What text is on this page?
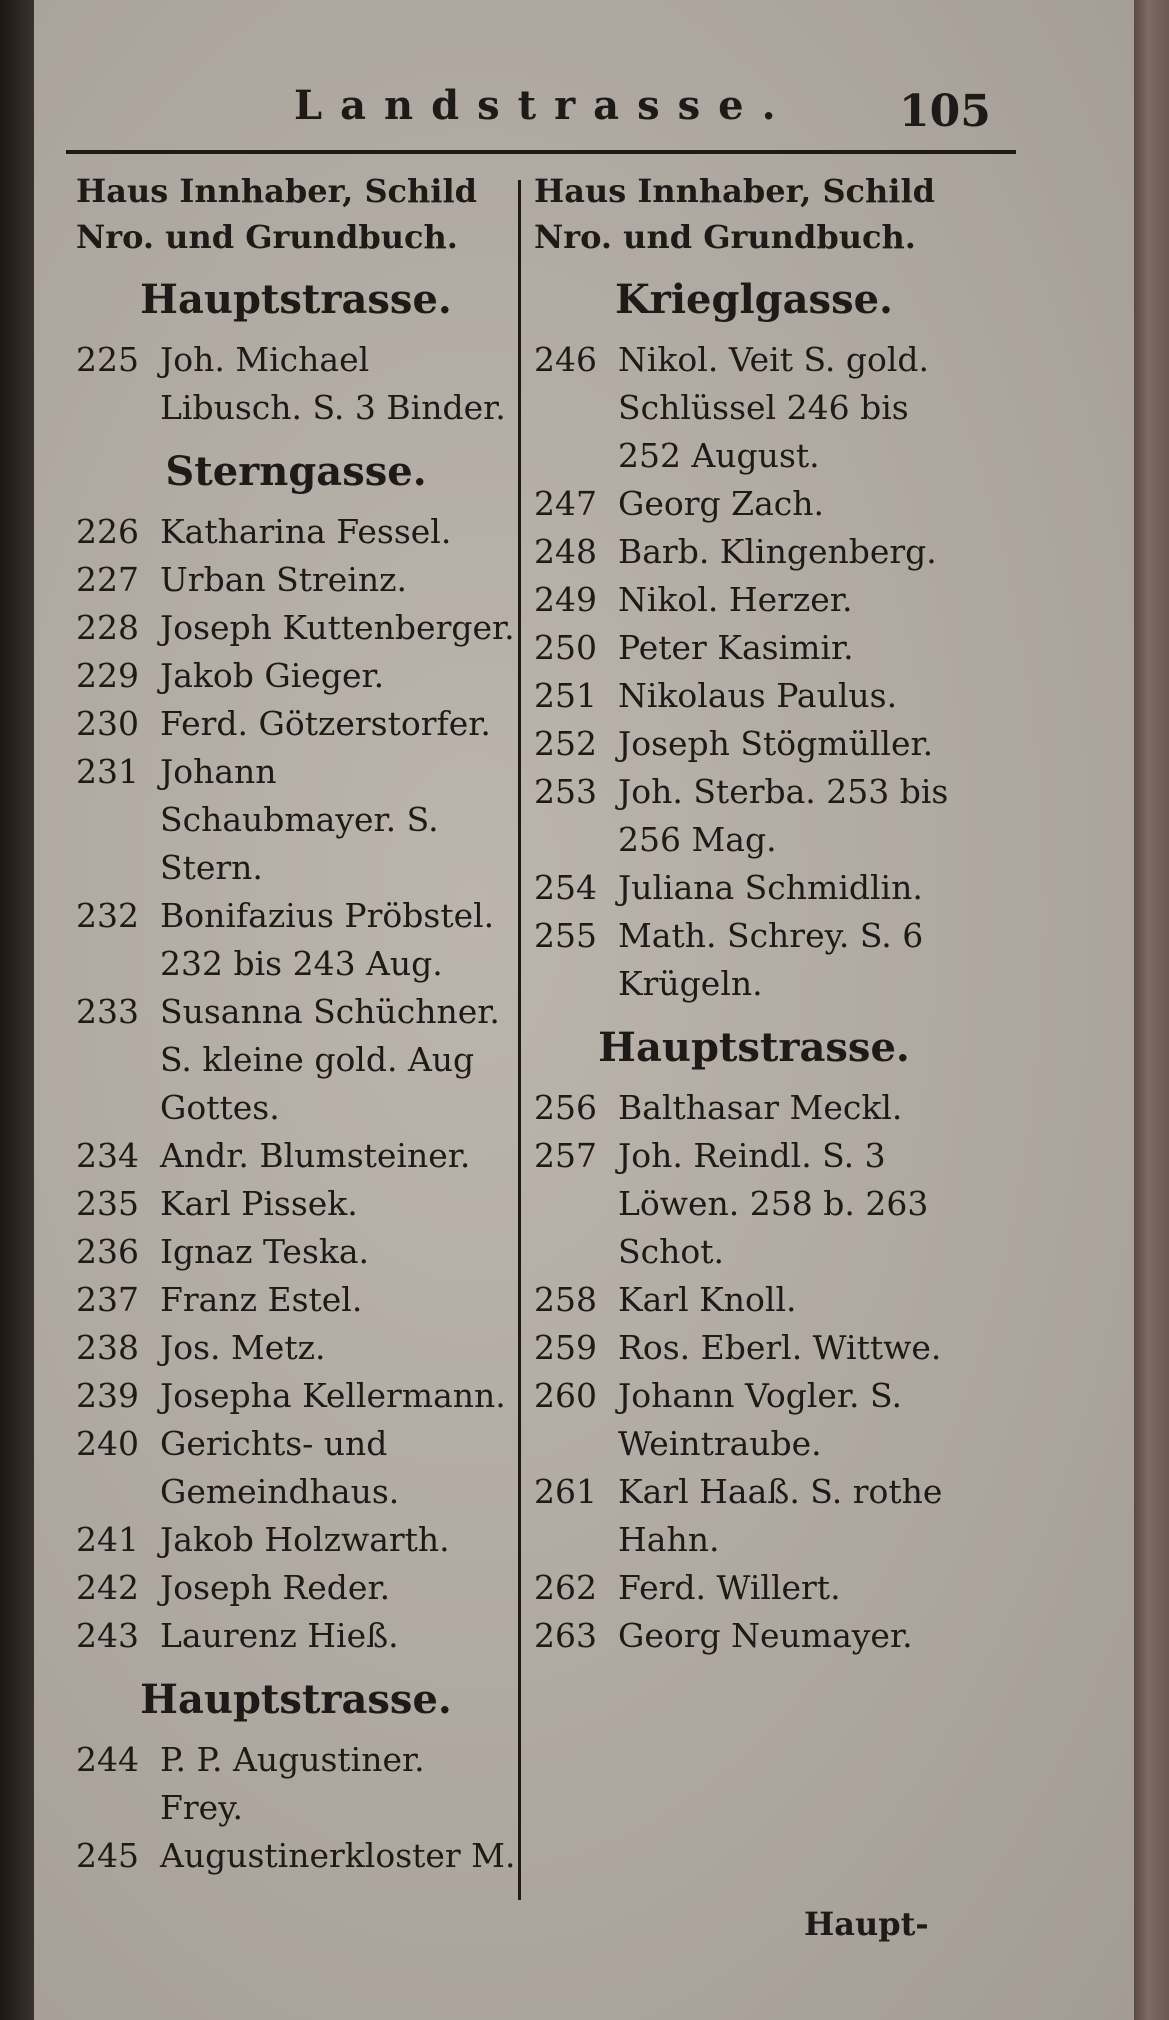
Landstrasse. 105
Haus Innhaber, Schild
Nro. und Grundbuch.
Hauptstrasse.
225 Joh. Michael Libusch. S. 3 Binder.
Sterngasse.
226 Katharina Fessel.
227 Urban Streinz.
228 Joseph Kuttenberger.
229 Jakob Gieger.
230 Ferd. Götzerstorfer.
231 Johann Schaubmayer. S. Stern.
232 Bonifazius Pröbstel. 232 bis 243 Aug.
233 Susanna Schüchner. S. kleine gold. Aug Gottes.
234 Andr. Blumsteiner.
235 Karl Pissek.
236 Ignaz Teska.
237 Franz Estel.
238 Jos. Metz.
239 Josepha Kellermann.
240 Gerichts- und Gemeindhaus.
241 Jakob Holzwarth.
242 Joseph Reder.
243 Laurenz Hieß.
Hauptstrasse.
244 P. P. Augustiner. Frey.
245 Augustinerkloster M.
Haus Innhaber, Schild
Nro. und Grundbuch.
Krieglgasse.
246 Nikol. Veit S. gold. Schlüssel 246 bis 252 August.
247 Georg Zach.
248 Barb. Klingenberg.
249 Nikol. Herzer.
250 Peter Kasimir.
251 Nikolaus Paulus.
252 Joseph Stögmüller.
253 Joh. Sterba. 253 bis 256 Mag.
254 Juliana Schmidlin.
255 Math. Schrey. S. 6 Krügeln.
Hauptstrasse.
256 Balthasar Meckl.
257 Joh. Reindl. S. 3 Löwen. 258 b. 263 Schot.
258 Karl Knoll.
259 Ros. Eberl. Wittwe.
260 Johann Vogler. S. Weintraube.
261 Karl Haaß. S. rothe Hahn.
262 Ferd. Willert.
263 Georg Neumayer.
Haupt-
